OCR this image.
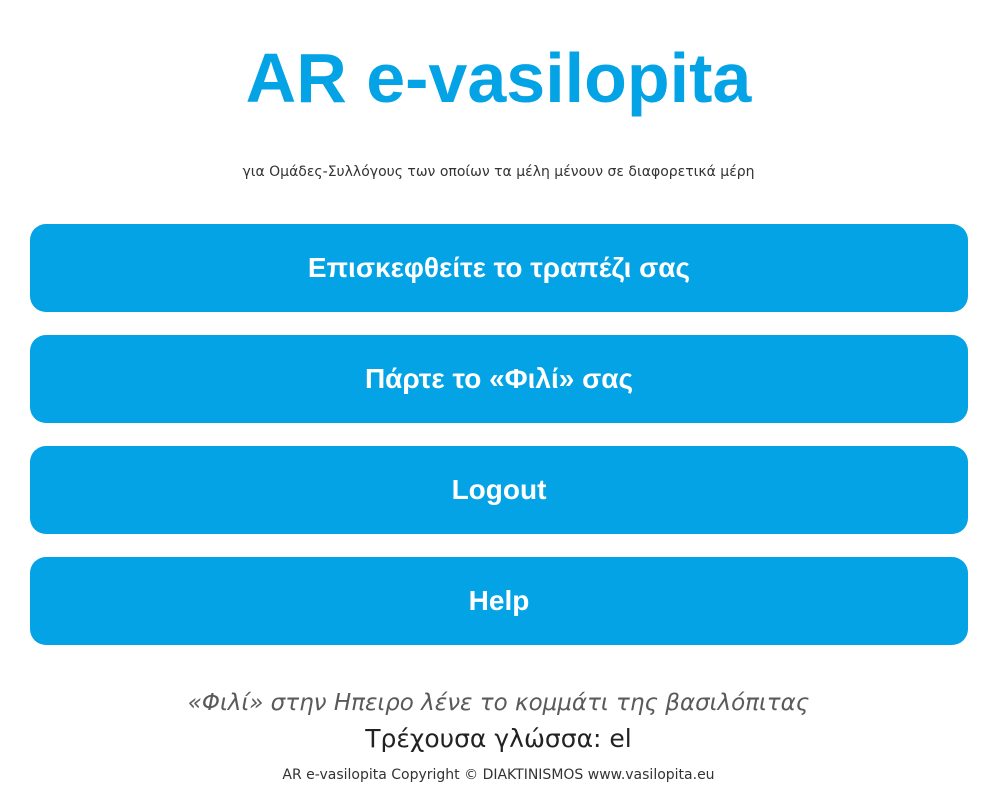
AR e-vasilopita
για Ομάδες-Συλλόγους των οποίων τα μέλη μένουν σε διαφορετικά μέρη
Επισκεφθείτε το τραπέζι σας
Πάρτε το «Φιλί» σας
Logout
Help
«Φιλί» στην Ηπειρο λένε το κομμάτι της βασιλόπιτας
Τρέχουσα γλώσσα: el
AR e-vasilopita Copyright © DIAKTINISMOS www.vasilopita.eu
